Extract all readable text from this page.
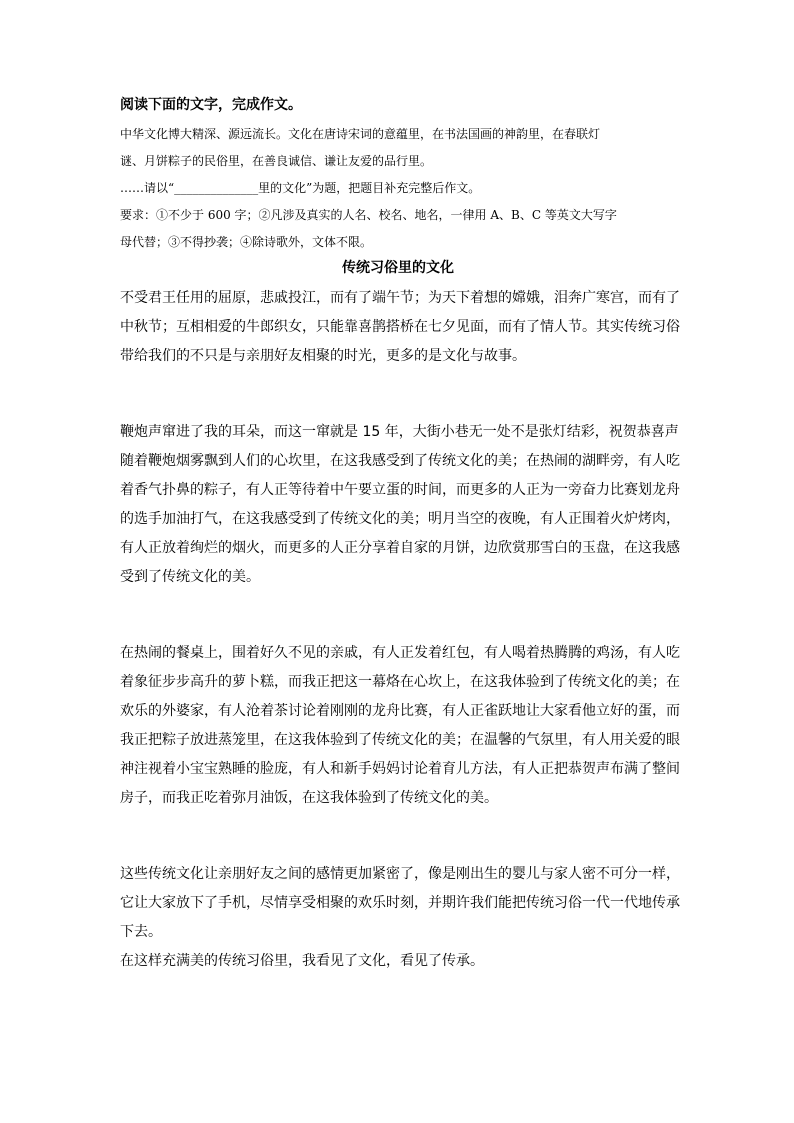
阅读下面的文字，完成作文。
中华文化博大精深、源远流长。文化在唐诗宋词的意蕴里，在书法国画的神韵里，在春联灯
谜、月饼粽子的民俗里，在善良诚信、谦让友爱的品行里。
……请以“______________里的文化”为题，把题目补充完整后作文。
要求：①不少于 600 字；②凡涉及真实的人名、校名、地名，一律用 A、B、C 等英文大写字
母代替；③不得抄袭；④除诗歌外，文体不限。
传统习俗里的文化
不受君王任用的屈原，悲戚投江，而有了端午节；为天下着想的嫦娥，泪奔广寒宫，而有了
中秋节；互相相爱的牛郎织女，只能靠喜鹊搭桥在七夕见面，而有了情人节。其实传统习俗
带给我们的不只是与亲朋好友相聚的时光，更多的是文化与故事。
鞭炮声窜进了我的耳朵，而这一窜就是 15 年，大街小巷无一处不是张灯结彩，祝贺恭喜声
随着鞭炮烟雾飘到人们的心坎里，在这我感受到了传统文化的美；在热闹的湖畔旁，有人吃
着香气扑鼻的粽子，有人正等待着中午要立蛋的时间，而更多的人正为一旁奋力比赛划龙舟
的选手加油打气，在这我感受到了传统文化的美；明月当空的夜晚，有人正围着火炉烤肉，
有人正放着绚烂的烟火，而更多的人正分享着自家的月饼，边欣赏那雪白的玉盘，在这我感
受到了传统文化的美。
在热闹的餐桌上，围着好久不见的亲戚，有人正发着红包，有人喝着热腾腾的鸡汤，有人吃
着象征步步高升的萝卜糕，而我正把这一幕烙在心坎上，在这我体验到了传统文化的美；在
欢乐的外婆家，有人沧着茶讨论着刚刚的龙舟比赛，有人正雀跃地让大家看他立好的蛋，而
我正把粽子放进蒸笼里，在这我体验到了传统文化的美；在温馨的气氛里，有人用关爱的眼
神注视着小宝宝熟睡的脸庞，有人和新手妈妈讨论着育儿方法，有人正把恭贺声布满了整间
房子，而我正吃着弥月油饭，在这我体验到了传统文化的美。
这些传统文化让亲朋好友之间的感情更加紧密了，像是刚出生的婴儿与家人密不可分一样，
它让大家放下了手机，尽情享受相聚的欢乐时刻，并期许我们能把传统习俗一代一代地传承
下去。
在这样充满美的传统习俗里，我看见了文化，看见了传承。
